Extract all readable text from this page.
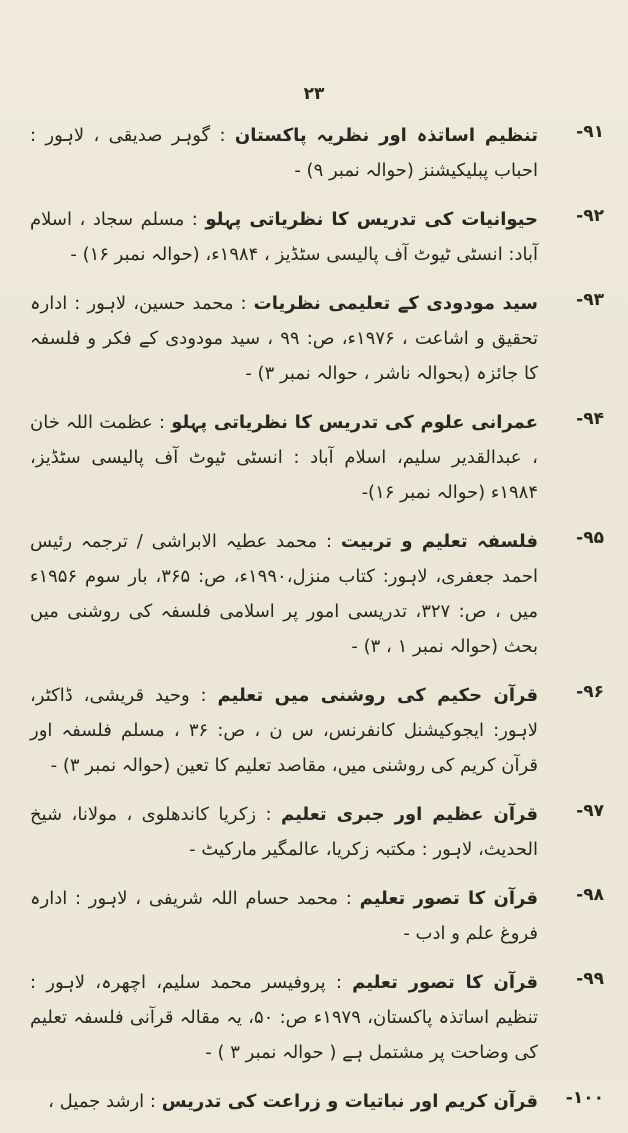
۲۳
۹۱-
تنظیم اساتذہ اور نظریہ پاکستان : گوہر صدیقی ، لاہور : احباب پبلیکیشنز (حوالہ نمبر ۹) -
۹۲-
حیوانیات کی تدریس کا نظریاتی پہلو : مسلم سجاد ، اسلام آباد: انسٹی ٹیوٹ آف پالیسی سٹڈیز ، ۱۹۸۴ء، (حوالہ نمبر ۱۶) -
۹۳-
سید مودودی کے تعلیمی نظریات : محمد حسین، لاہور : ادارہ تحقیق و اشاعت ، ۱۹۷۶ء، ص: ۹۹ ، سید مودودی کے فکر و فلسفہ کا جائزہ (بحوالہ ناشر ، حوالہ نمبر ۳) -
۹۴-
عمرانی علوم کی تدریس کا نظریاتی پہلو : عظمت اللہ خان ، عبدالقدیر سلیم، اسلام آباد : انسٹی ٹیوٹ آف پالیسی سٹڈیز، ۱۹۸۴ء (حوالہ نمبر ۱۶)-
۹۵-
فلسفہ تعلیم و تربیت : محمد عطیہ الابراشی / ترجمہ رئیس احمد جعفری، لاہور: کتاب منزل،۱۹۹۰ء، ص: ۳۶۵، بار سوم ۱۹۵۶ء میں ، ص: ۳۲۷، تدریسی امور پر اسلامی فلسفہ کی روشنی میں بحث (حوالہ نمبر ۱ ، ۳) -
۹۶-
قرآن حکیم کی روشنی میں تعلیم : وحید قریشی، ڈاکٹر، لاہور: ایجوکیشنل کانفرنس، س ن ، ص: ۳۶ ، مسلم فلسفہ اور قرآن کریم کی روشنی میں، مقاصد تعلیم کا تعین (حوالہ نمبر ۳) -
۹۷-
قرآن عظیم اور جبری تعلیم : زکریا کاندھلوی ، مولانا، شیخ الحدیث، لاہور : مکتبہ زکریا، عالمگیر مارکیٹ -
۹۸-
قرآن کا تصور تعلیم : محمد حسام اللہ شریفی ، لاہور : ادارہ فروغ علم و ادب -
۹۹-
قرآن کا تصور تعلیم : پروفیسر محمد سلیم، اچھرہ، لاہور : تنظیم اساتذہ پاکستان، ۱۹۷۹ء ص: ۵۰، یہ مقالہ قرآنی فلسفہ تعلیم کی وضاحت پر مشتمل ہے ( حوالہ نمبر ۳ ) -
۱۰۰-
قرآن کریم اور نباتیات و زراعت کی تدریس : ارشد جمیل ،
